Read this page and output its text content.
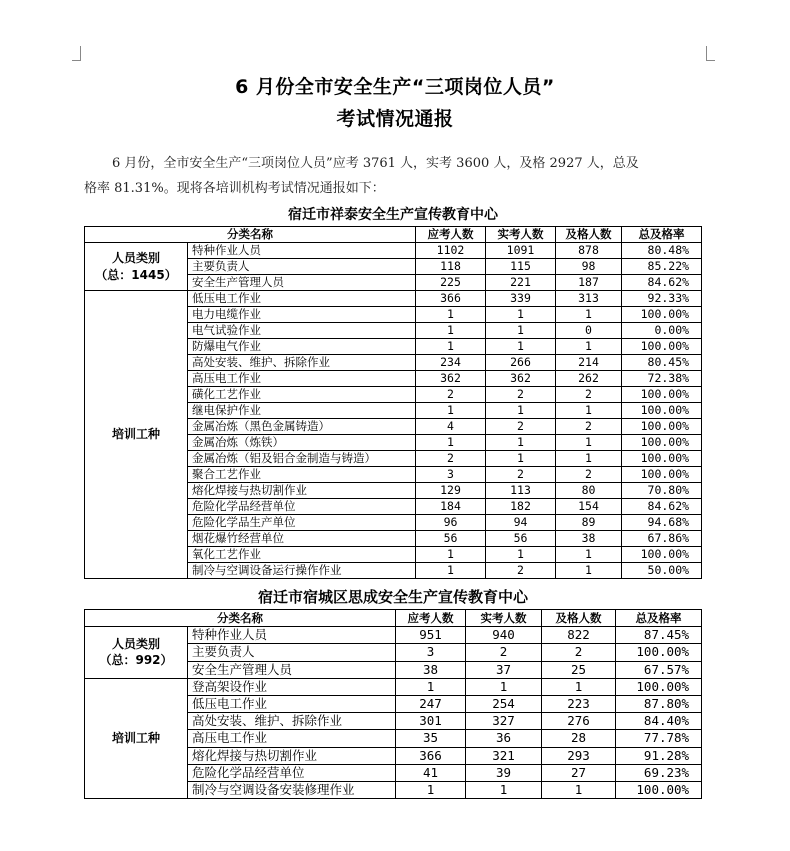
6 月份全市安全生产“三项岗位人员”
考试情况通报
6 月份，全市安全生产“三项岗位人员”应考 3761 人，实考 3600 人，及格 2927 人，总及
格率 81.31%。现将各培训机构考试情况通报如下：
宿迁市祥泰安全生产宣传教育中心					
分类名称		应考人数	实考人数	及格人数	总及格率

人员类别
（总：1445）	特种作业人员	1102	1091	878	80.48%
	主要负责人	118	115	98	85.22%
	安全生产管理人员	225	221	187	84.62%
培训工种	低压电工作业	366	339	313	92.33%
	电力电缆作业	1	1	1	100.00%
	电气试验作业	1	1	0	0.00%
	防爆电气作业	1	1	1	100.00%
	高处安装、维护、拆除作业	234	266	214	80.45%
	高压电工作业	362	362	262	72.38%
	磺化工艺作业	2	2	2	100.00%
	继电保护作业	1	1	1	100.00%
	金属冶炼（黑色金属铸造）	4	2	2	100.00%
	金属冶炼（炼铁）	1	1	1	100.00%
	金属冶炼（铝及铝合金制造与铸造）	2	1	1	100.00%
	聚合工艺作业	3	2	2	100.00%
	熔化焊接与热切割作业	129	113	80	70.80%
	危险化学品经营单位	184	182	154	84.62%
	危险化学品生产单位	96	94	89	94.68%
	烟花爆竹经营单位	56	56	38	67.86%
	氧化工艺作业	1	1	1	100.00%
	制冷与空调设备运行操作作业	1	2	1	50.00%
宿迁市宿城区思成安全生产宣传教育中心					
分类名称		应考人数	实考人数	及格人数	总及格率

人员类别
（总：992）	特种作业人员	951	940	822	87.45%
	主要负责人	3	2	2	100.00%
	安全生产管理人员	38	37	25	67.57%
培训工种	登高架设作业	1	1	1	100.00%
	低压电工作业	247	254	223	87.80%
	高处安装、维护、拆除作业	301	327	276	84.40%
	高压电工作业	35	36	28	77.78%
	熔化焊接与热切割作业	366	321	293	91.28%
	危险化学品经营单位	41	39	27	69.23%
	制冷与空调设备安装修理作业	1	1	1	100.00%
